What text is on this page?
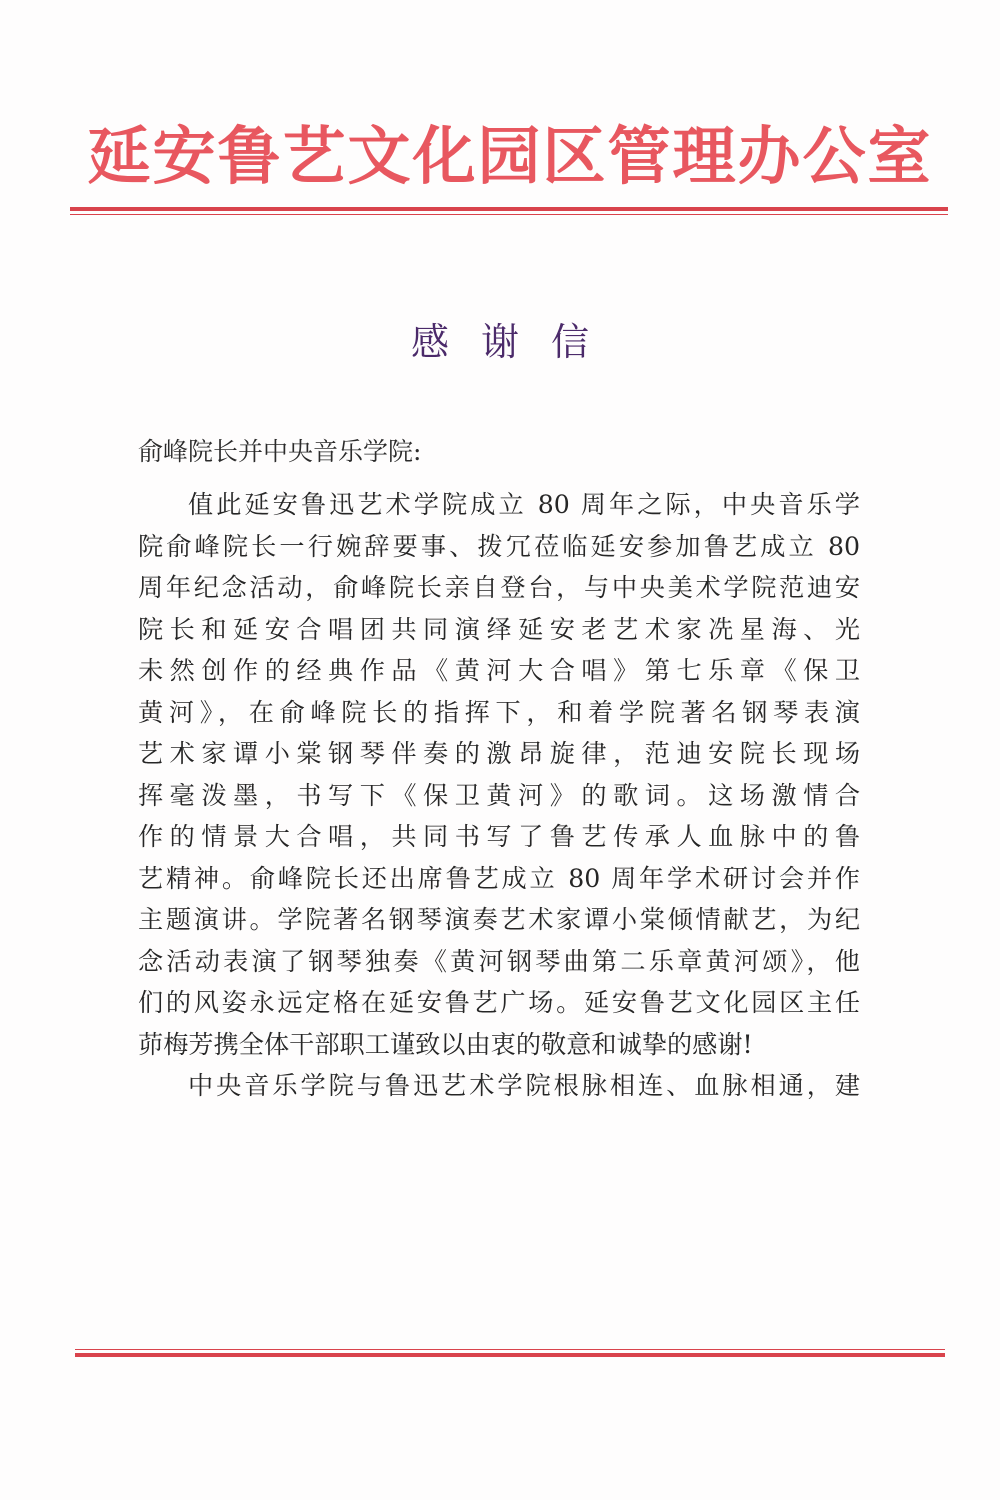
延安鲁艺文化园区管理办公室
感谢信
俞峰院长并中央音乐学院:
值此延安鲁迅艺术学院成立 80 周年之际，中央音乐学
院俞峰院长一行婉辞要事、拨冗莅临延安参加鲁艺成立 80
周年纪念活动，俞峰院长亲自登台，与中央美术学院范迪安
院长和延安合唱团共同演绎延安老艺术家冼星海、光
未然创作的经典作品《黄河大合唱》第七乐章《保卫
黄河》，在俞峰院长的指挥下，和着学院著名钢琴表演
艺术家谭小棠钢琴伴奏的激昂旋律，范迪安院长现场
挥毫泼墨，书写下《保卫黄河》的歌词。这场激情合
作的情景大合唱，共同书写了鲁艺传承人血脉中的鲁
艺精神。俞峰院长还出席鲁艺成立 80 周年学术研讨会并作
主题演讲。学院著名钢琴演奏艺术家谭小棠倾情献艺，为纪
念活动表演了钢琴独奏《黄河钢琴曲第二乐章黄河颂》，他
们的风姿永远定格在延安鲁艺广场。延安鲁艺文化园区主任
茆梅芳携全体干部职工谨致以由衷的敬意和诚挚的感谢!
中央音乐学院与鲁迅艺术学院根脉相连、血脉相通，建
